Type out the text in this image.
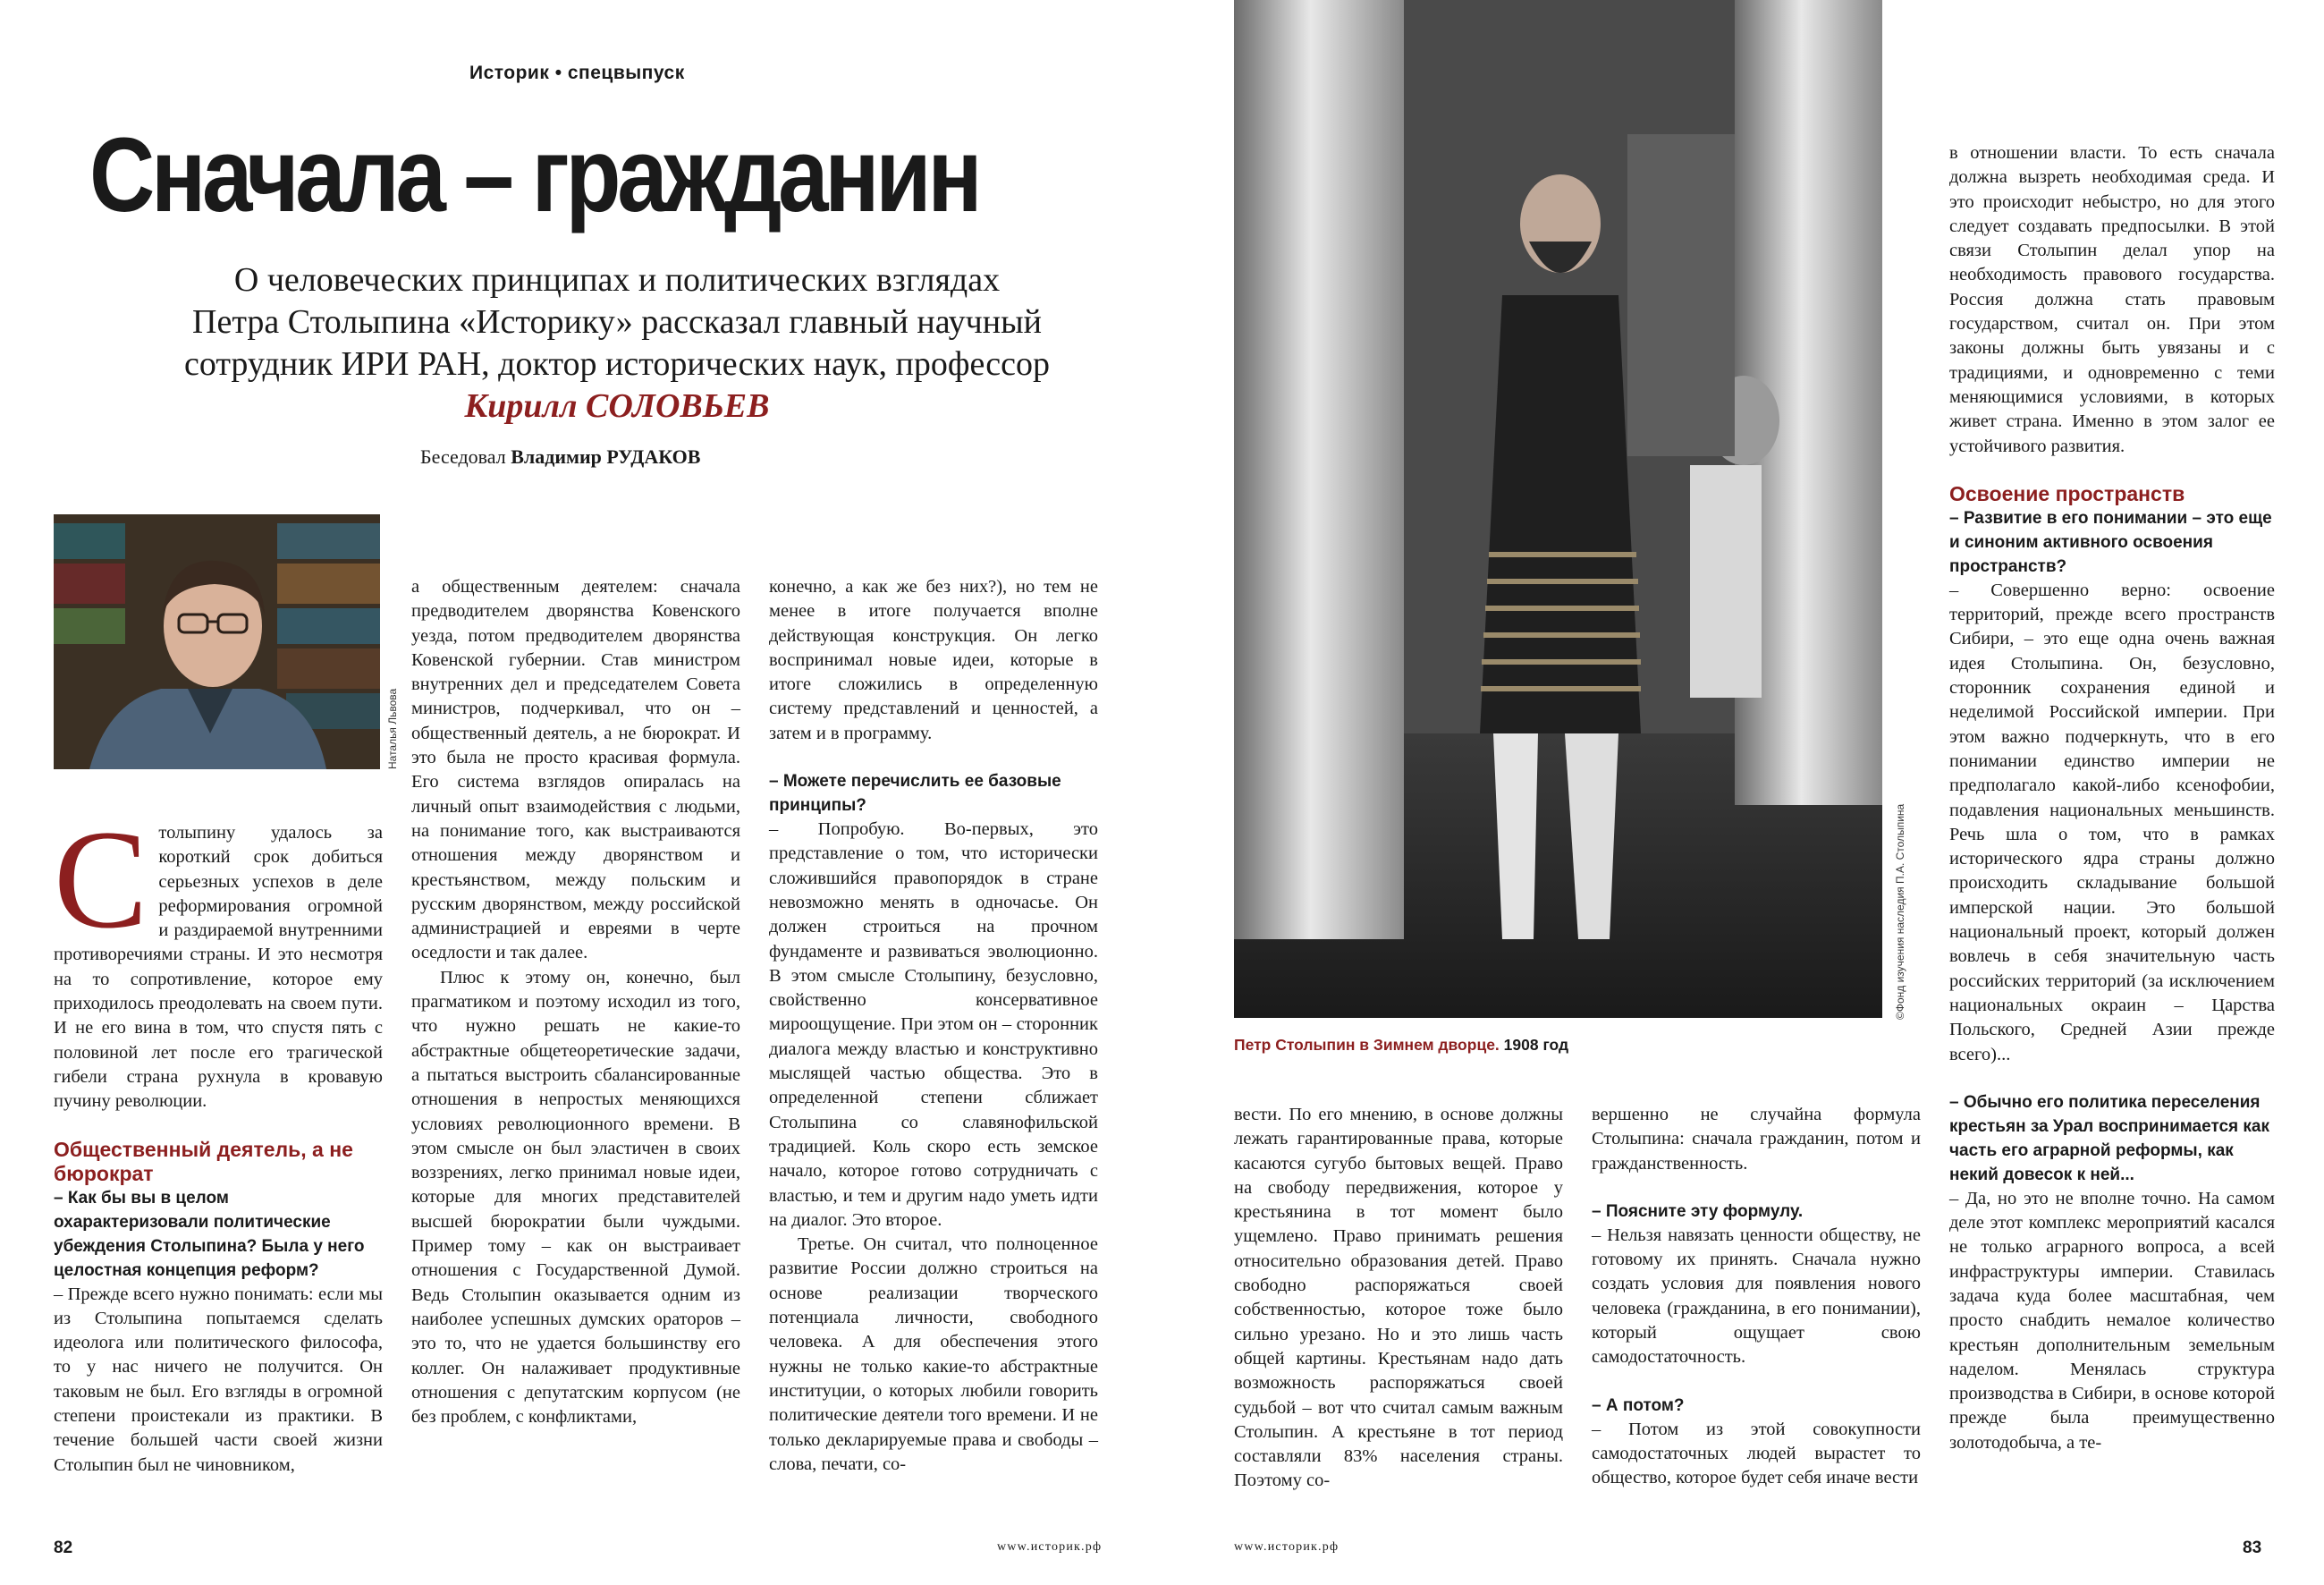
Историк • спецвыпуск
Сначала – гражданин
О человеческих принципах и политических взглядах
Петра Столыпина «Историку» рассказал главный научный
сотрудник ИРИ РАН, доктор исторических наук, профессор
Кирилл СОЛОВЬЕВ
Беседовал Владимир РУДАКОВ
Наталья Львова
С толыпину удалось за короткий срок добиться серьезных успехов в деле реформирования огромной и раздираемой внутренними противоречиями страны. И это несмотря на то сопротивление, которое ему приходилось преодолевать на своем пути. И не его вина в том, что спустя пять с половиной лет после его трагической гибели страна рухнула в кровавую пучину революции.

Общественный деятель, а не бюрократ

– Как бы вы в целом охарактеризовали политические убеждения Столыпина? Была у него целостная концепция реформ?

– Прежде всего нужно понимать: если мы из Столыпина попытаемся сделать идеолога или политического философа, то у нас ничего не получится. Он таковым не был. Его взгляды в огромной степени проистекали из практики. В течение большей части своей жизни Столыпин был не чиновником,

а общественным деятелем: сначала предводителем дворянства Ковенского уезда, потом предводителем дворянства Ковенской губернии. Став министром внутренних дел и председателем Совета министров, подчеркивал, что он – общественный деятель, а не бюрократ. И это была не просто красивая формула. Его система взглядов опиралась на личный опыт взаимодействия с людьми, на понимание того, как выстраиваются отношения между дворянством и крестьянством, между польским и русским дворянством, между российской администрацией и евреями в черте оседлости и так далее.

Плюс к этому он, конечно, был прагматиком и поэтому исходил из того, что нужно решать не какие-то абстрактные общетеоретические задачи, а пытаться выстроить сбалансированные отношения в непростых меняющихся условиях революционного времени. В этом смысле он был эластичен в своих воззрениях, легко принимал новые идеи, которые для многих представителей высшей бюрократии были чуждыми. Пример тому – как он выстраивает отношения с Государственной Думой. Ведь Столыпин оказывается одним из наиболее успешных думских ораторов – это то, что не удается большинству его коллег. Он налаживает продуктивные отношения с депутатским корпусом (не без проблем, с конфликтами,

конечно, а как же без них?), но тем не менее в итоге получается вполне действующая конструкция. Он легко воспринимал новые идеи, которые в итоге сложились в определенную систему представлений и ценностей, а затем и в программу.

– Можете перечислить ее базовые принципы?

– Попробую. Во-первых, это представление о том, что исторически сложившийся правопорядок в стране невозможно менять в одночасье. Он должен строиться на прочном фундаменте и развиваться эволюционно. В этом смысле Столыпину, безусловно, свойственно консервативное мироощущение. При этом он – сторонник диалога между властью и конструктивно мыслящей частью общества. Это в определенной степени сближает Столыпина со славянофильской традицией. Коль скоро есть земское начало, которое готово сотрудничать с властью, и тем и другим надо уметь идти на диалог. Это второе.

Третье. Он считал, что полноценное развитие России должно строиться на основе реализации творческого потенциала личности, свободного человека. А для обеспечения этого нужны не только какие-то абстрактные институции, о которых любили говорить политические деятели того времени. И не только декларируемые права и свободы – слова, печати, со-

©Фонд изучения наследия П.А. Столыпина
Петр Столыпин в Зимнем дворце. 1908 год

вести. По его мнению, в основе должны лежать гарантированные права, которые касаются сугубо бытовых вещей. Право на свободу передвижения, которое у крестьянина в тот момент было ущемлено. Право принимать решения относительно образования детей. Право свободно распоряжаться своей собственностью, которое тоже было сильно урезано. Но и это лишь часть общей картины. Крестьянам надо дать возможность распоряжаться своей судьбой – вот что считал самым важным Столыпин. А крестьяне в тот период составляли 83% населения страны. Поэтому со-

вершенно не случайна формула Столыпина: сначала гражданин, потом и гражданственность.

– Поясните эту формулу.

– Нельзя навязать ценности обществу, не готовому их принять. Сначала нужно создать условия для появления нового человека (гражданина, в его понимании), который ощущает свою самодостаточность.

– А потом?

– Потом из этой совокупности самодостаточных людей вырастет то общество, которое будет себя иначе вести

в отношении власти. То есть сначала должна вызреть необходимая среда. И это происходит небыстро, но для этого следует создавать предпосылки. В этой связи Столыпин делал упор на необходимость правового государства. Россия должна стать правовым государством, считал он. При этом законы должны быть увязаны и с традициями, и одновременно с теми меняющимися условиями, в которых живет страна. Именно в этом залог ее устойчивого развития.

Освоение пространств

– Развитие в его понимании – это еще и синоним активного освоения пространств?

– Совершенно верно: освоение территорий, прежде всего пространств Сибири, – это еще одна очень важная идея Столыпина. Он, безусловно, сторонник сохранения единой и неделимой Российской империи. При этом важно подчеркнуть, что в его понимании единство империи не предполагало какой-либо ксенофобии, подавления национальных меньшинств. Речь шла о том, что в рамках исторического ядра страны должно происходить складывание большой имперской нации. Это большой национальный проект, который должен вовлечь в себя значительную часть российских территорий (за исключением национальных окраин – Царства Польского, Средней Азии прежде всего)...

– Обычно его политика переселения крестьян за Урал воспринимается как часть его аграрной реформы, как некий довесок к ней...

– Да, но это не вполне точно. На самом деле этот комплекс мероприятий касался не только аграрного вопроса, а всей инфраструктуры империи. Ставилась задача куда более масштабная, чем просто снабдить немалое количество крестьян дополнительным земельным наделом. Менялась структура производства в Сибири, в основе которой прежде была преимущественно золотодобыча, а те-

82	www.историк.рф	www.историк.рф	83
